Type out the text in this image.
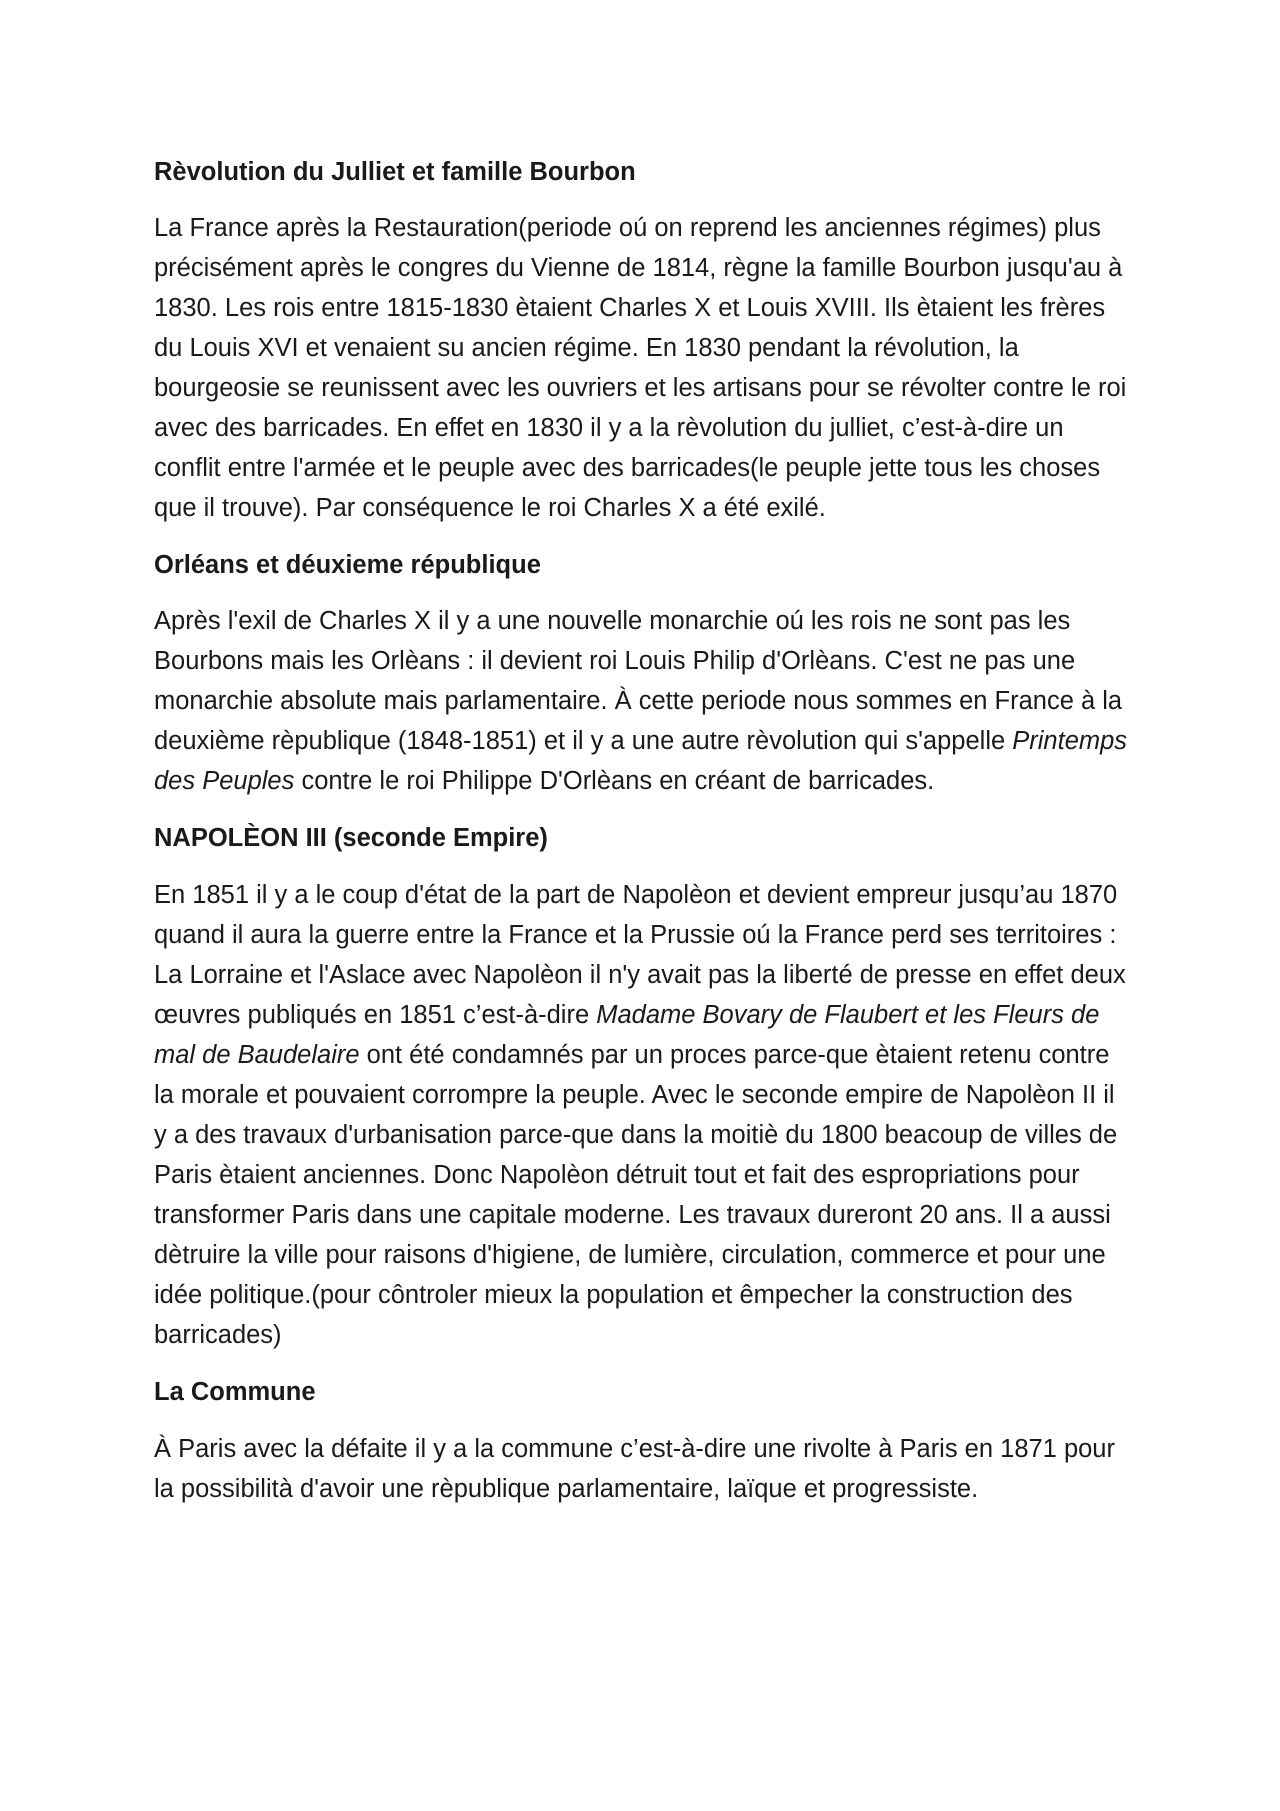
Rèvolution du Julliet et famille Bourbon

La France après la Restauration(periode oú on reprend les anciennes régimes) plus précisément après le congres du Vienne de 1814, règne la famille Bourbon jusqu'au à 1830. Les rois entre 1815-1830 ètaient Charles X et Louis XVIII. Ils ètaient les frères du Louis XVI et venaient su ancien régime. En 1830 pendant la révolution, la bourgeosie se reunissent avec les ouvriers et les artisans pour se révolter contre le roi avec des barricades. En effet en 1830 il y a la rèvolution du julliet, c’est-à-dire un conflit entre l'armée et le peuple avec des barricades(le peuple jette tous les choses que il trouve). Par conséquence le roi Charles X a été exilé.

Orléans et déuxieme république

Après l'exil de Charles X il y a une nouvelle monarchie oú les rois ne sont pas les Bourbons mais les Orlèans : il devient roi Louis Philip d'Orlèans. C'est ne pas une monarchie absolute mais parlamentaire. À cette periode nous sommes en France à la deuxième rèpublique (1848-1851) et il y a une autre rèvolution qui s'appelle Printemps des Peuples contre le roi Philippe D'Orlèans en créant de barricades.

NAPOLÈON III (seconde Empire)

En 1851 il y a le coup d'état de la part de Napolèon et devient empreur jusqu’au 1870 quand il aura la guerre entre la France et la Prussie oú la France perd ses territoires : La Lorraine et l'Aslace avec Napolèon il n'y avait pas la liberté de presse en effet deux œuvres publiqués en 1851 c’est-à-dire Madame Bovary de Flaubert et les Fleurs de mal de Baudelaire ont été condamnés par un proces parce-que ètaient retenu contre la morale et pouvaient corrompre la peuple. Avec le seconde empire de Napolèon II il y a des travaux d'urbanisation parce-que dans la moitiè du 1800 beacoup de villes de Paris ètaient anciennes. Donc Napolèon détruit tout et fait des espropriations pour transformer Paris dans une capitale moderne. Les travaux dureront 20 ans. Il a aussi dètruire la ville pour raisons d'higiene, de lumière, circulation, commerce et pour une idée politique.(pour côntroler mieux la population et êmpecher la construction des barricades)

La Commune

À Paris avec la défaite il y a la commune c’est-à-dire une rivolte à Paris en 1871 pour la possibilità d'avoir une rèpublique parlamentaire, laïque et progressiste.
